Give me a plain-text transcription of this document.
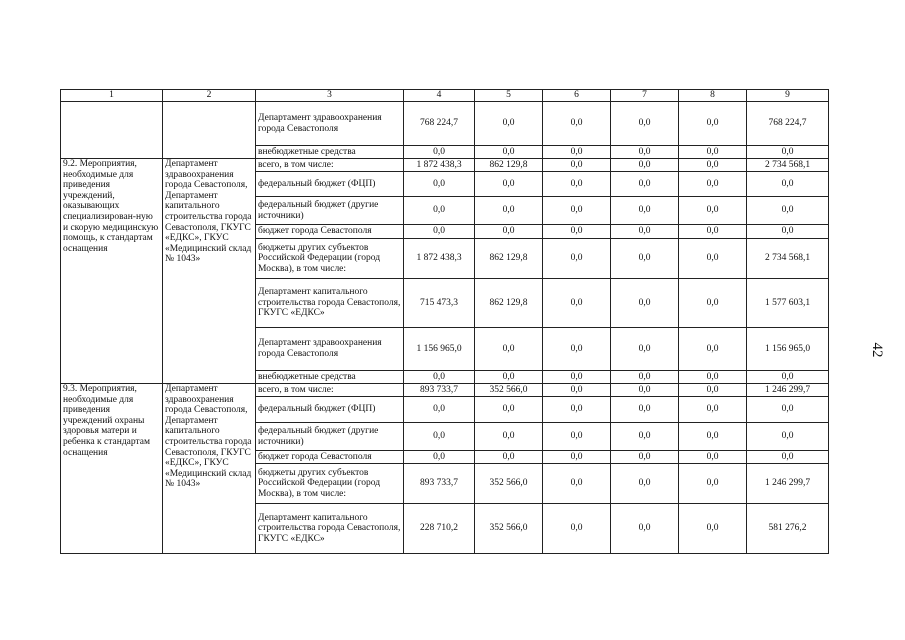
1	2	3	4	5	6	7	8	9
		Департамент здравоохранения города Севастополя	768 224,7	0,0	0,0	0,0	0,0	768 224,7
		внебюджетные средства	0,0	0,0	0,0	0,0	0,0	0,0
9.2. Мероприятия, необходимые для приведения учреждений, оказывающих специализирован-ную и скорую медицинскую помощь, к стандартам оснащения	Департамент здравоохранения города Севастополя, Департамент капитального строительства города Севастополя, ГКУГС «ЕДКС», ГКУС «Медицинский склад № 1043»	всего, в том числе:	1 872 438,3	862 129,8	0,0	0,0	0,0	2 734 568,1
		федеральный бюджет (ФЦП)	0,0	0,0	0,0	0,0	0,0	0,0
		федеральный бюджет (другие источники)	0,0	0,0	0,0	0,0	0,0	0,0
		бюджет города Севастополя	0,0	0,0	0,0	0,0	0,0	0,0
		бюджеты других субъектов Российской Федерации (город Москва), в том числе:	1 872 438,3	862 129,8	0,0	0,0	0,0	2 734 568,1
		Департамент капитального строительства города Севастополя, ГКУГС «ЕДКС»	715 473,3	862 129,8	0,0	0,0	0,0	1 577 603,1
		Департамент здравоохранения города Севастополя	1 156 965,0	0,0	0,0	0,0	0,0	1 156 965,0
		внебюджетные средства	0,0	0,0	0,0	0,0	0,0	0,0
9.3. Мероприятия, необходимые для приведения учреждений охраны здоровья матери и ребенка к стандартам оснащения	Департамент здравоохранения города Севастополя, Департамент капитального строительства города Севастополя, ГКУГС «ЕДКС», ГКУС «Медицинский склад № 1043»	всего, в том числе:	893 733,7	352 566,0	0,0	0,0	0,0	1 246 299,7
		федеральный бюджет (ФЦП)	0,0	0,0	0,0	0,0	0,0	0,0
		федеральный бюджет (другие источники)	0,0	0,0	0,0	0,0	0,0	0,0
		бюджет города Севастополя	0,0	0,0	0,0	0,0	0,0	0,0
		бюджеты других субъектов Российской Федерации (город Москва), в том числе:	893 733,7	352 566,0	0,0	0,0	0,0	1 246 299,7
		Департамент капитального строительства города Севастополя, ГКУГС «ЕДКС»	228 710,2	352 566,0	0,0	0,0	0,0	581 276,2
42
